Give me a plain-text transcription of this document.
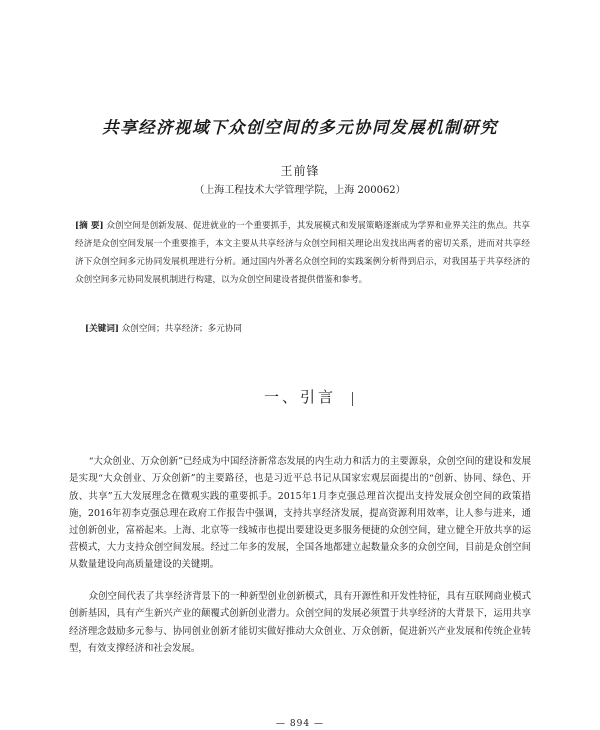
共享经济视域下众创空间的多元协同发展机制研究
王前锋
（上海工程技术大学管理学院，上海 200062）
[摘 要] 众创空间是创新发展、促进就业的一个重要抓手，其发展模式和发展策略逐渐成为学界和业界关注的焦点。共享经济是众创空间发展一个重要推手，本文主要从共享经济与众创空间相关理论出发找出两者的密切关系，进而对共享经济下众创空间多元协同发展机理进行分析。通过国内外著名众创空间的实践案例分析得到启示，对我国基于共享经济的众创空间多元协同发展机制进行构建，以为众创空间建设者提供借鉴和参考。
[关键词] 众创空间；共享经济；多元协同
一、引言

“大众创业、万众创新”已经成为中国经济新常态发展的内生动力和活力的主要源泉，众创空间的建设和发展是实现“大众创业、万众创新”的主要路径，也是习近平总书记从国家宏观层面提出的“创新、协同、绿色、开放、共享”五大发展理念在微观实践的重要抓手。2015年1月李克强总理首次提出支持发展众创空间的政策措施，2016年初李克强总理在政府工作报告中强调，支持共享经济发展，提高资源利用效率，让人参与进来，通过创新创业，富裕起来。上海、北京等一线城市也提出要建设更多服务便捷的众创空间，建立健全开放共享的运营模式，大力支持众创空间发展。经过二年多的发展，全国各地都建立起数量众多的众创空间，目前是众创空间从数量建设向高质量建设的关键期。

众创空间代表了共享经济背景下的一种新型创业创新模式，具有开源性和开发性特征，具有互联网商业模式创新基因，具有产生新兴产业的颠覆式创新创业潜力。众创空间的发展必须置于共享经济的大背景下，运用共享经济理念鼓励多元参与、协同创业创新才能切实做好推动大众创业、万众创新，促进新兴产业发展和传统企业转型，有效支撑经济和社会发展。

— 894 —
